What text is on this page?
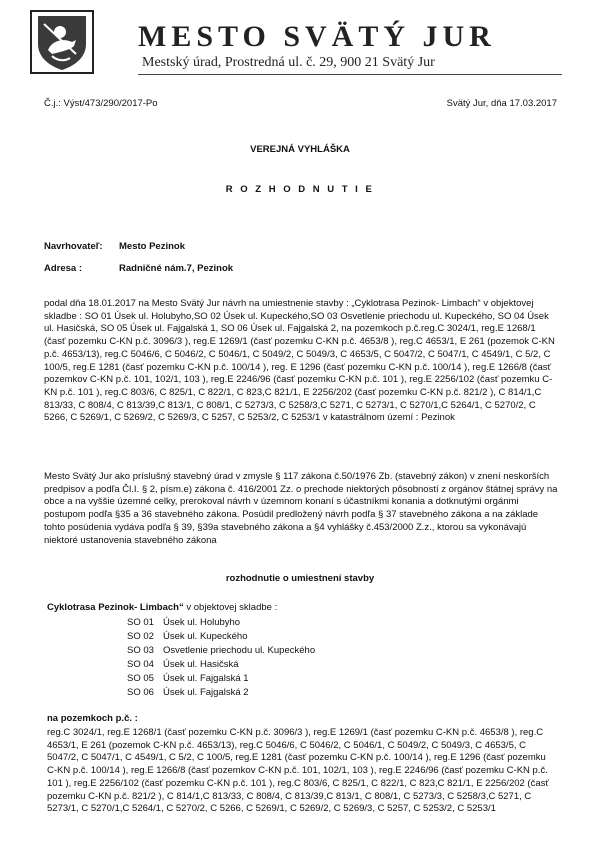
MESTO SVÄTÝ JUR
Mestský úrad, Prostredná ul. č. 29, 900 21 Svätý Jur
Č.j.: Výst/473/290/2017-Po	Svätý Jur, dňa 17.03.2017
VEREJNÁ VYHLÁŠKA
R O Z H O D N U T I E
Navrhovateľ: Mesto Pezinok
Adresa :	Radničné nám.7, Pezinok
podal dňa 18.01.2017 na Mesto Svätý Jur návrh na umiestnenie stavby : „Cyklotrasa Pezinok- Limbach“ v objektovej skladbe : SO 01 Úsek ul. Holubyho,SO 02 Úsek ul. Kupeckého,SO 03 Osvetlenie priechodu ul. Kupeckého, SO 04 Úsek ul. Hasičská, SO 05 Úsek ul. Fajgalská 1, SO 06 Úsek ul. Fajgalská 2, na pozemkoch p.č.reg.C 3024/1, reg.E 1268/1 (časť pozemku C-KN p.č. 3096/3 ), reg.E 1269/1 (časť pozemku C-KN p.č. 4653/8 ), reg.C 4653/1, E 261 (pozemok C-KN p.č. 4653/13), reg.C 5046/6, C 5046/2, C 5046/1, C 5049/2, C 5049/3, C 4653/5, C 5047/2, C 5047/1, C 4549/1, C 5/2, C 100/5, reg.E 1281 (časť pozemku C-KN p.č. 100/14 ), reg. E 1296 (časť pozemku C-KN p.č. 100/14 ), reg.E 1266/8 (časť pozemkov C-KN p.č. 101, 102/1, 103 ), reg.E 2246/96 (časť pozemku C-KN p.č. 101 ), reg.E 2256/102 (časť pozemku C-KN p.č. 101 ), reg.C 803/6, C 825/1, C 822/1, C 823,C 821/1, E 2256/202 (časť pozemku C-KN p.č. 821/2 ), C 814/1,C 813/33, C 808/4, C 813/39,C 813/1, C 808/1, C 5273/3, C 5258/3,C 5271, C 5273/1, C 5270/1,C 5264/1, C 5270/2, C 5266, C 5269/1, C 5269/2, C 5269/3, C 5257, C 5253/2, C 5253/1 v katastrálnom území : Pezinok
Mesto Svätý Jur ako príslušný stavebný úrad v zmysle § 117 zákona č.50/1976 Zb. (stavebný zákon) v znení neskorších predpisov a podľa Čl.I. § 2, písm.e) zákona č. 416/2001 Zz. o prechode niektorých pôsobností z orgánov štátnej správy na obce a na vyššie územné celky, prerokoval návrh v územnom konaní s účastníkmi konania a dotknutými orgánmi postupom podľa §35 a 36 stavebného zákona. Posúdil predložený návrh podľa § 37 stavebného zákona a na základe tohto posúdenia vydáva podľa § 39, §39a stavebného zákona a §4 vyhlášky č.453/2000 Z.z., ktorou sa vykonávajú niektoré ustanovenia stavebného zákona
rozhodnutie o umiestnení stavby
Cyklotrasa Pezinok- Limbach“ v objektovej skladbe :
SO 01 Úsek ul. Holubyho
SO 02 Úsek ul. Kupeckého
SO 03 Osvetlenie priechodu ul. Kupeckého
SO 04 Úsek ul. Hasičská
SO 05 Úsek ul. Fajgalská 1
SO 06 Úsek ul. Fajgalská 2
na pozemkoch p.č. :
reg.C 3024/1, reg.E 1268/1 (časť pozemku C-KN p.č. 3096/3 ), reg.E 1269/1 (časť pozemku C-KN p.č. 4653/8 ), reg.C 4653/1, E 261 (pozemok C-KN p.č. 4653/13), reg.C 5046/6, C 5046/2, C 5046/1, C 5049/2, C 5049/3, C 4653/5, C 5047/2, C 5047/1, C 4549/1, C 5/2, C 100/5, reg.E 1281 (časť pozemku C-KN p.č. 100/14 ), reg.E 1296 (časť pozemku C-KN p.č. 100/14 ), reg.E 1266/8 (časť pozemkov C-KN p.č. 101, 102/1, 103 ), reg.E 2246/96 (časť pozemku C-KN p.č. 101 ), reg.E 2256/102 (časť pozemku C-KN p.č. 101 ), reg.C 803/6, C 825/1, C 822/1, C 823,C 821/1, E 2256/202 (časť pozemku C-KN p.č. 821/2 ), C 814/1,C 813/33, C 808/4, C 813/39,C 813/1, C 808/1, C 5273/3, C 5258/3,C 5271, C 5273/1, C 5270/1,C 5264/1, C 5270/2, C 5266, C 5269/1, C 5269/2, C 5269/3, C 5257, C 5253/2, C 5253/1
